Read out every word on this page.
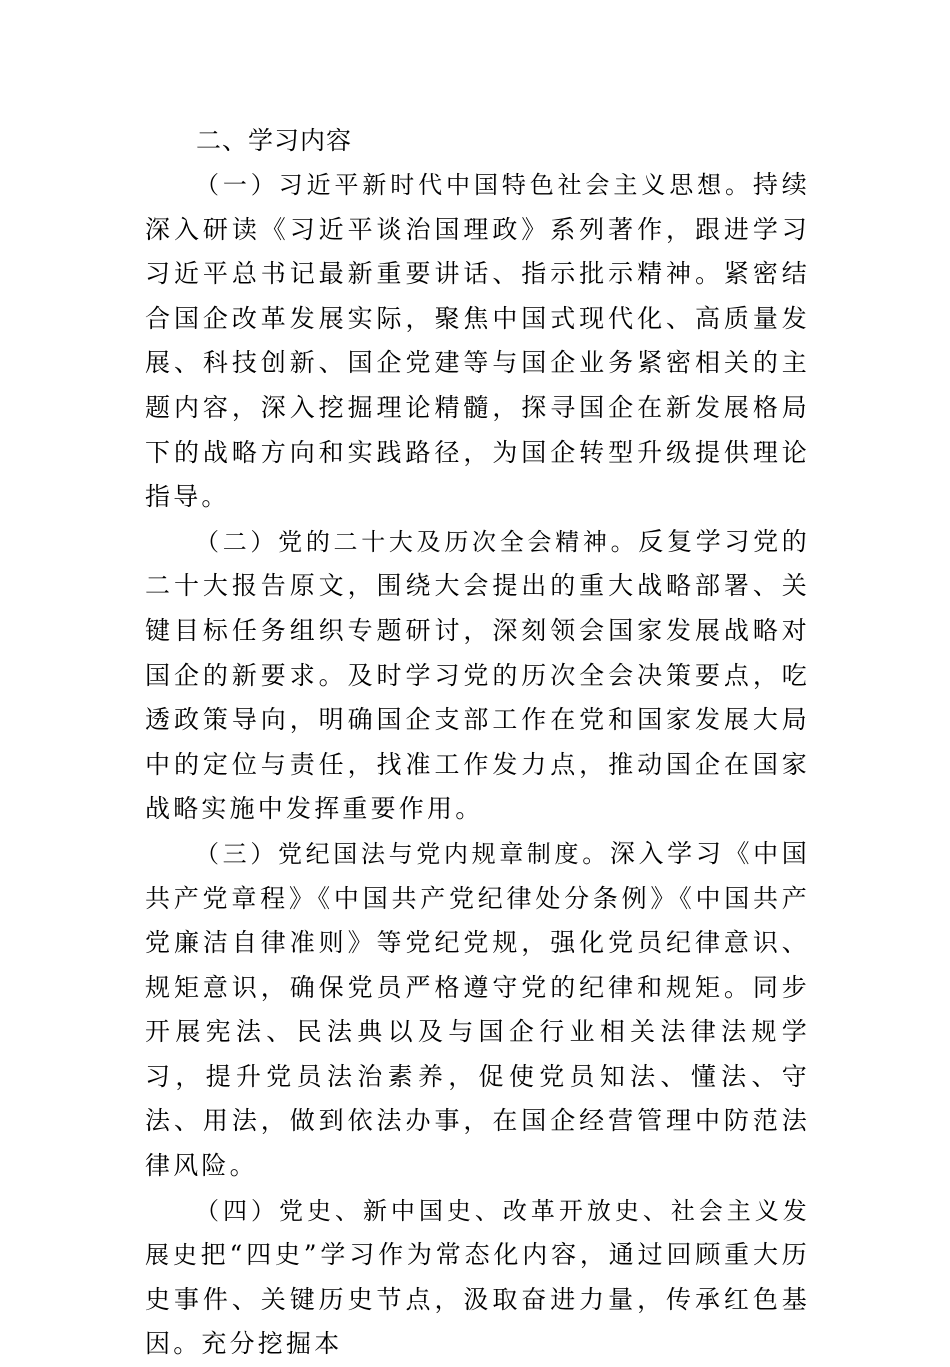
二、学习内容

（一）习近平新时代中国特色社会主义思想。持续深入研读《习近平谈治国理政》系列著作，跟进学习习近平总书记最新重要讲话、指示批示精神。紧密结合国企改革发展实际，聚焦中国式现代化、高质量发展、科技创新、国企党建等与国企业务紧密相关的主题内容，深入挖掘理论精髓，探寻国企在新发展格局下的战略方向和实践路径，为国企转型升级提供理论指导。

（二）党的二十大及历次全会精神。反复学习党的二十大报告原文，围绕大会提出的重大战略部署、关键目标任务组织专题研讨，深刻领会国家发展战略对国企的新要求。及时学习党的历次全会决策要点，吃透政策导向，明确国企支部工作在党和国家发展大局中的定位与责任，找准工作发力点，推动国企在国家战略实施中发挥重要作用。

（三）党纪国法与党内规章制度。深入学习《中国共产党章程》《中国共产党纪律处分条例》《中国共产党廉洁自律准则》等党纪党规，强化党员纪律意识、规矩意识，确保党员严格遵守党的纪律和规矩。同步开展宪法、民法典以及与国企行业相关法律法规学习，提升党员法治素养，促使党员知法、懂法、守法、用法，做到依法办事，在国企经营管理中防范法律风险。

（四）党史、新中国史、改革开放史、社会主义发展史把“四史”学习作为常态化内容，通过回顾重大历史事件、关键历史节点，汲取奋进力量，传承红色基因。充分挖掘本
